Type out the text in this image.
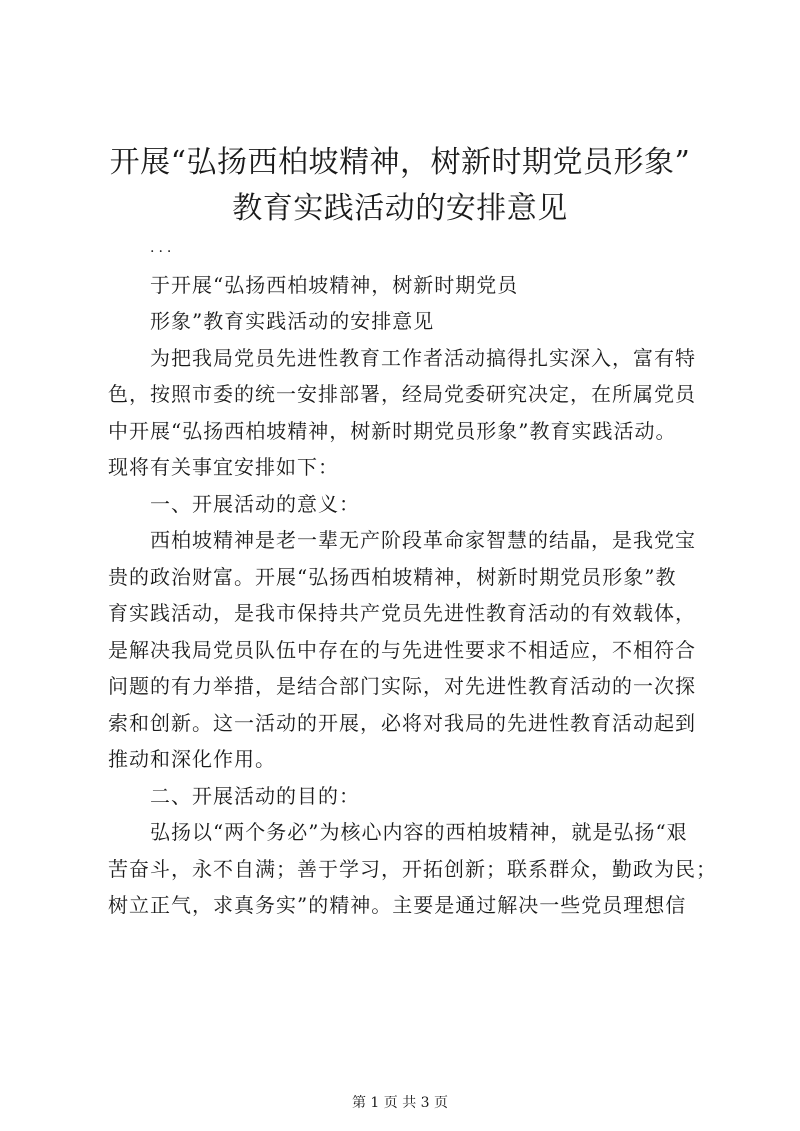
开展“弘扬西柏坡精神，树新时期党员形象”
教育实践活动的安排意见
...
于开展“弘扬西柏坡精神，树新时期党员
形象”教育实践活动的安排意见
为把我局党员先进性教育工作者活动搞得扎实深入，富有特
色，按照市委的统一安排部署，经局党委研究决定，在所属党员
中开展“弘扬西柏坡精神，树新时期党员形象”教育实践活动。
现将有关事宜安排如下：
一、开展活动的意义：
西柏坡精神是老一辈无产阶段革命家智慧的结晶，是我党宝
贵的政治财富。开展“弘扬西柏坡精神，树新时期党员形象”教
育实践活动，是我市保持共产党员先进性教育活动的有效载体，
是解决我局党员队伍中存在的与先进性要求不相适应，不相符合
问题的有力举措，是结合部门实际，对先进性教育活动的一次探
索和创新。这一活动的开展，必将对我局的先进性教育活动起到
推动和深化作用。
二、开展活动的目的：
弘扬以“两个务必”为核心内容的西柏坡精神，就是弘扬“艰
苦奋斗，永不自满；善于学习，开拓创新；联系群众，勤政为民；
树立正气，求真务实”的精神。主要是通过解决一些党员理想信
第 1 页 共 3 页
